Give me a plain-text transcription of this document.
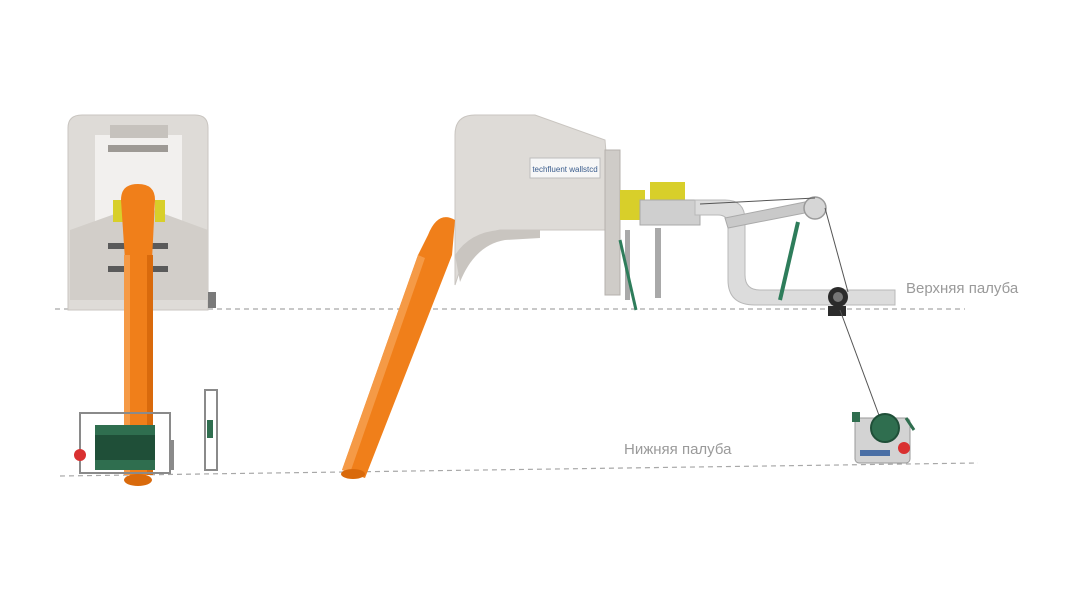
techfluent wallstcd
Верхняя палуба
Нижняя палуба
